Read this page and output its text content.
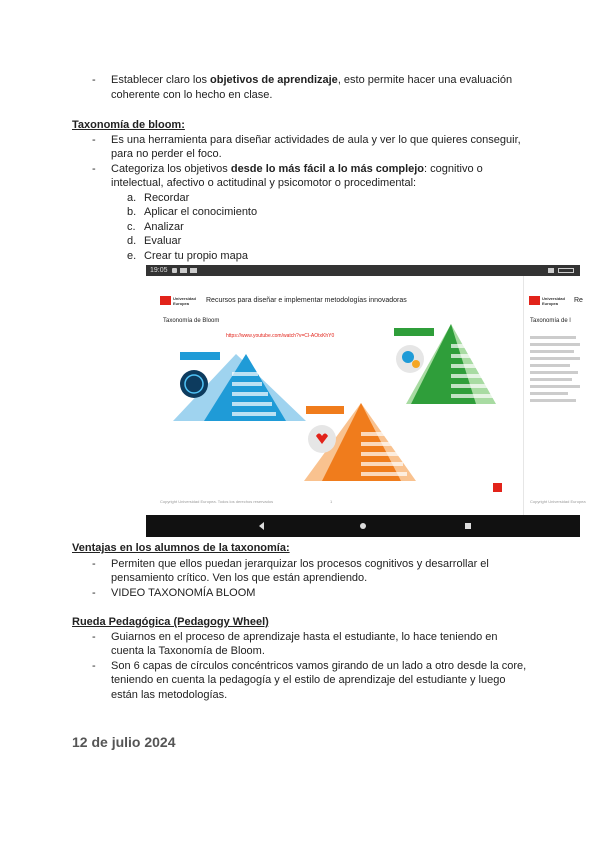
- Establecer claro los objetivos de aprendizaje, esto permite hacer una evaluación
coherente con lo hecho en clase.
Taxonomía de bloom:
- Es una herramienta para diseñar actividades de aula y ver lo que quieres conseguir,
para no perder el foco.
- Categoriza los objetivos desde lo más fácil a lo más complejo: cognitivo o
intelectual, afectivo o actitudinal y psicomotor o procedimental:
a. Recordar
b. Aplicar el conocimiento
c. Analizar
d. Evaluar
e. Crear tu propio mapa
19:05
Universidad Europea	Recursos para diseñar e implementar metodologías innovadoras
Taxonomía de Bloom
https://www.youtube.com/watch?v=CI-AOtxKhY0
Copyright Universidad Europea. Todos los derechos reservados	1
Universidad Europea	Re
Taxonomía de l
Copyright Universidad Europea
Ventajas en los alumnos de la taxonomía:
- Permiten que ellos puedan jerarquizar los procesos cognitivos y desarrollar el
pensamiento crítico. Ven los que están aprendiendo.
- VIDEO TAXONOMÍA BLOOM
Rueda Pedagógica (Pedagogy Wheel)
- Guiarnos en el proceso de aprendizaje hasta el estudiante, lo hace teniendo en
cuenta la Taxonomía de Bloom.
- Son 6 capas de círculos concéntricos vamos girando de un lado a otro desde la core,
teniendo en cuenta la pedagogía y el estilo de aprendizaje del estudiante y luego
están las metodologías.
12 de julio 2024
